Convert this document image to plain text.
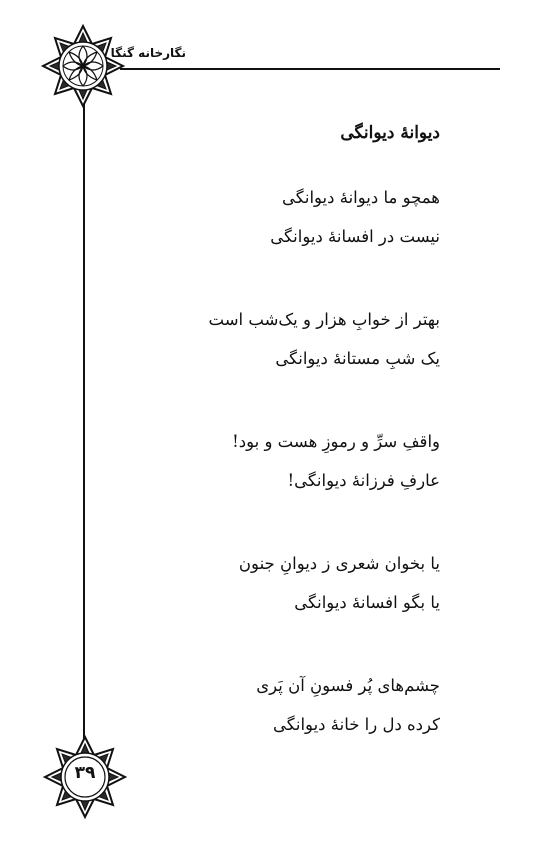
نگارخانه گنگا
دیوانهٔ دیوانگی
همچو ما دیوانهٔ دیوانگی
نیست در افسانهٔ دیوانگی
بهتر از خوابِ هزار و یک‌شب است
یک شبِ مستانهٔ دیوانگی
واقفِ سرِّ و رموزِ هست و بود!
عارفِ فرزانهٔ دیوانگی!
یا بخوان شعری ز دیوانِ جنون
یا بگو افسانهٔ دیوانگی
چشم‌های پُر فسونِ آن پَری
کرده دل را خانهٔ دیوانگی
۳۹
